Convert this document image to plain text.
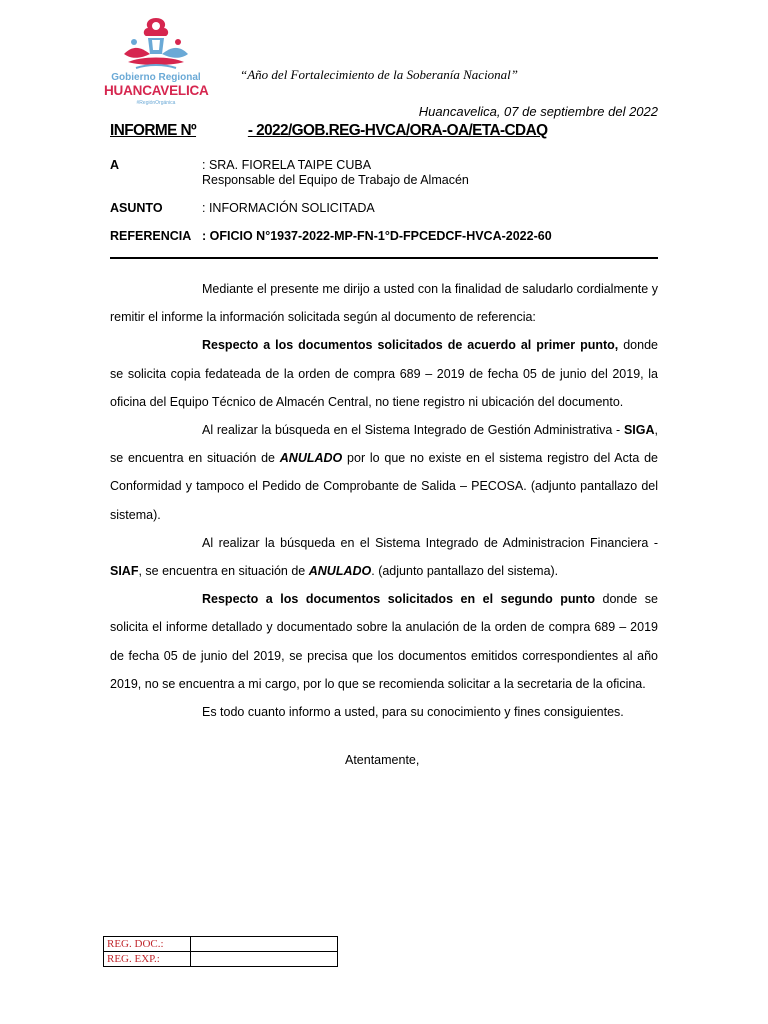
Gobierno Regional
HUANCAVELICA
#RegiónOrgánica
“Año del Fortalecimiento de la Soberanía Nacional”
Huancavelica, 07 de septiembre del 2022
INFORME Nº	- 2022/GOB.REG-HVCA/ORA-OA/ETA-CDAQ
A	: SRA. FIORELA TAIPE CUBA
Responsable del Equipo de Trabajo de Almacén
ASUNTO	: INFORMACIÓN SOLICITADA
REFERENCIA : OFICIO N°1937-2022-MP-FN-1°D-FPCEDCF-HVCA-2022-60

Mediante el presente me dirijo a usted con la finalidad de saludarlo cordialmente y remitir el informe la información solicitada según al documento de referencia:

Respecto a los documentos solicitados de acuerdo al primer punto, donde se solicita copia fedateada de la orden de compra 689 – 2019 de fecha 05 de junio del 2019, la oficina del Equipo Técnico de Almacén Central, no tiene registro ni ubicación del documento.

Al realizar la búsqueda en el Sistema Integrado de Gestión Administrativa - SIGA, se encuentra en situación de ANULADO por lo que no existe en el sistema registro del Acta de Conformidad y tampoco el Pedido de Comprobante de Salida – PECOSA. (adjunto pantallazo del sistema).

Al realizar la búsqueda en el Sistema Integrado de Administracion Financiera - SIAF, se encuentra en situación de ANULADO. (adjunto pantallazo del sistema).

Respecto a los documentos solicitados en el segundo punto donde se solicita el informe detallado y documentado sobre la anulación de la orden de compra 689 – 2019 de fecha 05 de junio del 2019, se precisa que los documentos emitidos correspondientes al año 2019, no se encuentra a mi cargo, por lo que se recomienda solicitar a la secretaria de la oficina.

Es todo cuanto informo a usted, para su conocimiento y fines consiguientes.

Atentamente,
REG. DOC.:	
REG. EXP.:	
